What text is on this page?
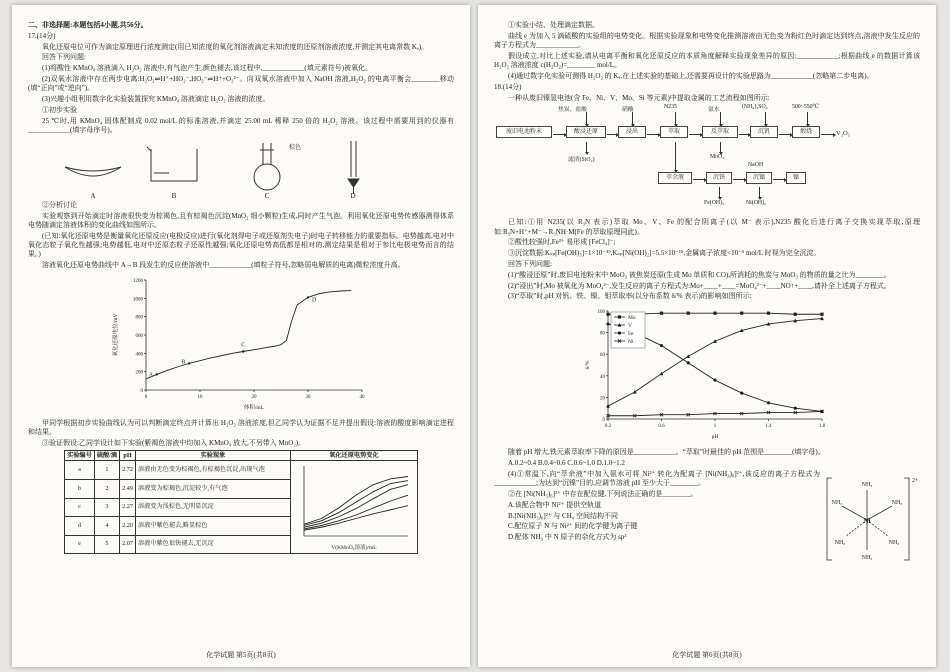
二、非选择题:本题包括4小题,共56分。

17.(14分)

氧化还原电位可作为滴定原理进行浓度测定(用已知浓度的氧化剂溶液滴定未知浓度的还原剂溶液浓度,并测定其电离常数 Kₐ)。

回答下列问题:

(1)将酸性 KMnO₄ 溶液滴入 H₂O₂ 溶液中,有气泡产生,颜色褪去,该过程中,____________(填元素符号)被氧化。

(2)双氧水溶液中存在两步电离:H₂O₂⇌H⁺+HO₂⁻,HO₂⁻⇌H⁺+O₂²⁻。向双氧水溶液中加入 NaOH 溶液,H₂O₂ 的电离平衡会________移动(填“正向”或“逆向”)。

(3)兴趣小组利用数字化实验装置探究 KMnO₄ 溶液滴定 H₂O₂ 溶液的浓度。

①初步实验

25 ℃时,用 KMnO₄ 固体配制成 0.02 mol/L 的标准溶液,并滴定 25.00 mL 稀释 250 倍的 H₂O₂ 溶液。该过程中需要用到的仪器有____________(填字母序号)。

A	B	C	D
棕色

②分析讨论

实验观察到开始滴定时溶液很快变为棕褐色,且有棕褐色沉淀(MnO₂ 细小颗粒)生成,同时产生气泡。利用氧化还原电势传感器测得体系电势随滴定溶液体积的变化曲线如图所示。

(已知:氧化还原电势是衡量氧化还原反应(电极反应)进行(氧化剂得电子或还原剂失电子)时电子转移能力的重要指标。电势越高,电对中氧化态粒子氧化性越强;电势越低,电对中还原态粒子还原性越强;氧化还原电势高低都是相对的,测定结果是相对于参比电极电势而言的结果。)

溶液氧化还原电势曲线中 A→B 段发生的反应使溶液中____________(填粒子符号,忽略弱电解质的电离)微粒浓度升高。

0
200
400
600
800
1000
1200
0	10	20	30	40
体积/mL
氧化还原电位/mV
A
B
C
D

甲同学根据初步实验曲线认为可以判断滴定终点并计算出 H₂O₂ 溶液浓度,但乙同学认为证据不足并提出假设:溶液的酸度影响滴定进程和结果。

③验证假设:乙同学设计如下实验(紫褐色溶液中均加入 KMnO₄ 放大,不另带入 MnO₂)。

实验编号	硫酸/滴	pH	实验现象	氧化还原电势变化
a	1	2.72	溶液由无色变为棕褐色,有棕褐色沉淀,出现气泡	V(KMnO₄溶液)/mL

b	2	2.49	溶液变为棕褐色,沉淀较少,有气泡	
c	3	2.27	溶液变为浅棕色,无明显沉淀	
d	4	2.20	溶液中紫色褪去,略显棕色	
e	5	2.07	溶液中紫色很快褪去,无沉淀	
化学试题 第5页(共8页)

①实验小结、处理滴定数据。

曲线 e 为加入 5 滴硫酸的实验组的电势变化。根据实验现象和电势变化推测溶液由无色变为粉红色时滴定达到终点,溶液中发生反应的离子方程式为____________。

假设成立,对比上述实验,请从电离平衡和氧化还原反应的本质角度解释实验现象差异的原因:____________;根据曲线 e 的数据计算该 H₂O₂ 溶液浓度 c(H₂O₂)=________ mol/L。

(4)通过数字化实验可测得 H₂O₂ 的 Kₐ,在上述实验的基础上,还需要再设计的实验思路为____________(忽略第二步电离)。

18.(14分)

一种从废旧镍氢电池(含 Fe、Ni、V、Mo、Si 等元素)中提取金属的工艺流程如图所示:

焦炭、盐酸	硝酸	N235	氨水	(NH₄)₂SO₄	500~550℃
废旧电池粉末	酸浸还原	浸出	萃取	反萃取	沉钒	煅烧	V₂O₅
滤渣(SiO₂)	MoO₃
萃余液	沉铁
Fe(OH)₃
沉镍
NaOH
Ni(OH)₂
镍

已知:①用 N235(以 R₃N 表示)萃取 Mo、V、Fe 的配合阴离子(以 M⁻ 表示),N235 酸化后进行离子交换实现萃取,原理如:R₃N+H⁺+M⁻→R₃NH·M(Fe 的萃取原理同此)。

②酸性较强时,Fe³⁺ 易形成 [FeCl₄]⁻;

③沉淀数据:Kₛₚ[Fe(OH)₃]=1×10⁻³⁹,Kₛₚ[Ni(OH)₂]=5.5×10⁻¹⁶,金属离子浓度<10⁻⁵ mol/L 时视为完全沉淀。

回答下列问题:

(1)“酸浸还原”时,废旧电池粉末中 MoO₃ 被焦炭还原(生成 Mo 单质和 CO),所消耗的焦炭与 MoO₃ 的物质的量之比为________。

(2)“浸出”时,Mo 被氧化为 MoO₄²⁻,发生反应的离子方程式为:Mo+____+____=MoO₄²⁻+____NO↑+____,请补全上述离子方程式。

(3)“萃取”时,pH 对钒、铁、镍、钼萃取率(以分布系数 δ/% 表示)的影响如图所示:

0
20
40
60
80
100
0.2	0.6	1	1.4	1.8
pH
δ/%
Mo
V
Fe
Ni

随着 pH 增大,铁元素萃取率下降的原因是____________。“萃取”时最佳的 pH 范围是________(填字母)。

A.0.2~0.4 B.0.4~0.6 C.0.6~1.0 D.1.0~1.2

NH₃
NH₃
NH₃	NH₃
NH₃	NH₃
Ni
2+

(4)①常温下,向“萃余液”中加入氨水可将 Ni²⁺ 转化为配离子 [Ni(NH₃)₆]²⁺,该反应的离子方程式为____________;为达到“沉镍”目的,应调节溶液 pH 至少大于________。

②在 [Ni(NH₃)₆]²⁺ 中存在配位键,下列说法正确的是________。

A.该配合物中 Ni²⁺ 提供空轨道

B.[Ni(NH₃)₆]²⁺ 与 CH₄ 空间结构不同

C.配位原子 N 与 Ni²⁺ 间的化学键为离子键

D.配体 NH₃ 中 N 原子的杂化方式为 sp³

化学试题 第6页(共8页)
